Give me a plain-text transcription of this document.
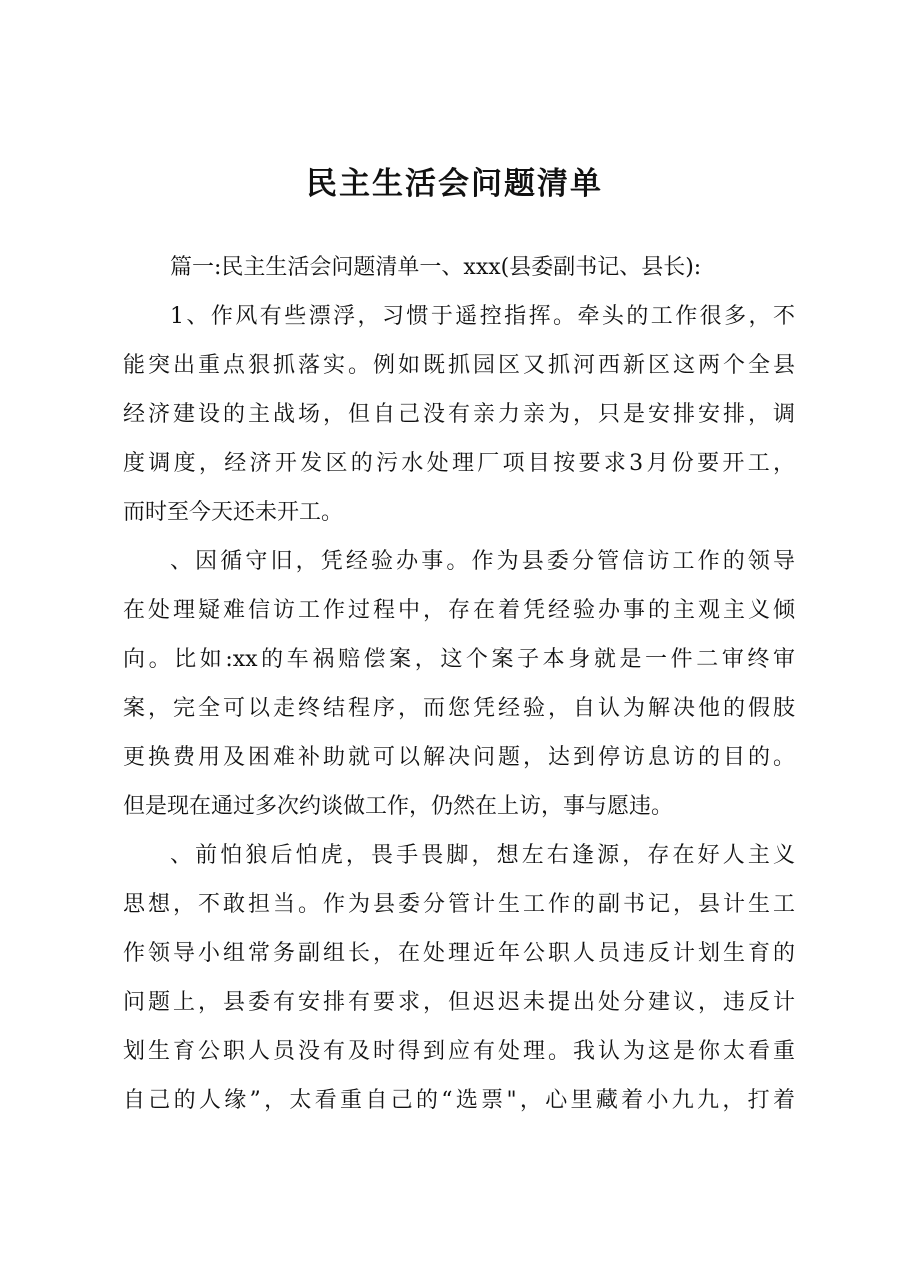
民主生活会问题清单

篇一:民主生活会问题清单一、xxx(县委副书记、县长):

1、作风有些漂浮，习惯于遥控指挥。牵头的工作很多，不

能突出重点狠抓落实。例如既抓园区又抓河西新区这两个全县

经济建设的主战场，但自己没有亲力亲为，只是安排安排，调

度调度，经济开发区的污水处理厂项目按要求3月份要开工，

而时至今天还未开工。

、因循守旧，凭经验办事。作为县委分管信访工作的领导

在处理疑难信访工作过程中，存在着凭经验办事的主观主义倾

向。比如:xx的车祸赔偿案，这个案子本身就是一件二审终审

案，完全可以走终结程序，而您凭经验，自认为解决他的假肢

更换费用及困难补助就可以解决问题，达到停访息访的目的。

但是现在通过多次约谈做工作，仍然在上访，事与愿违。

、前怕狼后怕虎，畏手畏脚，想左右逢源，存在好人主义

思想，不敢担当。作为县委分管计生工作的副书记，县计生工

作领导小组常务副组长，在处理近年公职人员违反计划生育的

问题上，县委有安排有要求，但迟迟未提出处分建议，违反计

划生育公职人员没有及时得到应有处理。我认为这是你太看重

自己的人缘”，太看重自己的“选票"，心里藏着小九九，打着
